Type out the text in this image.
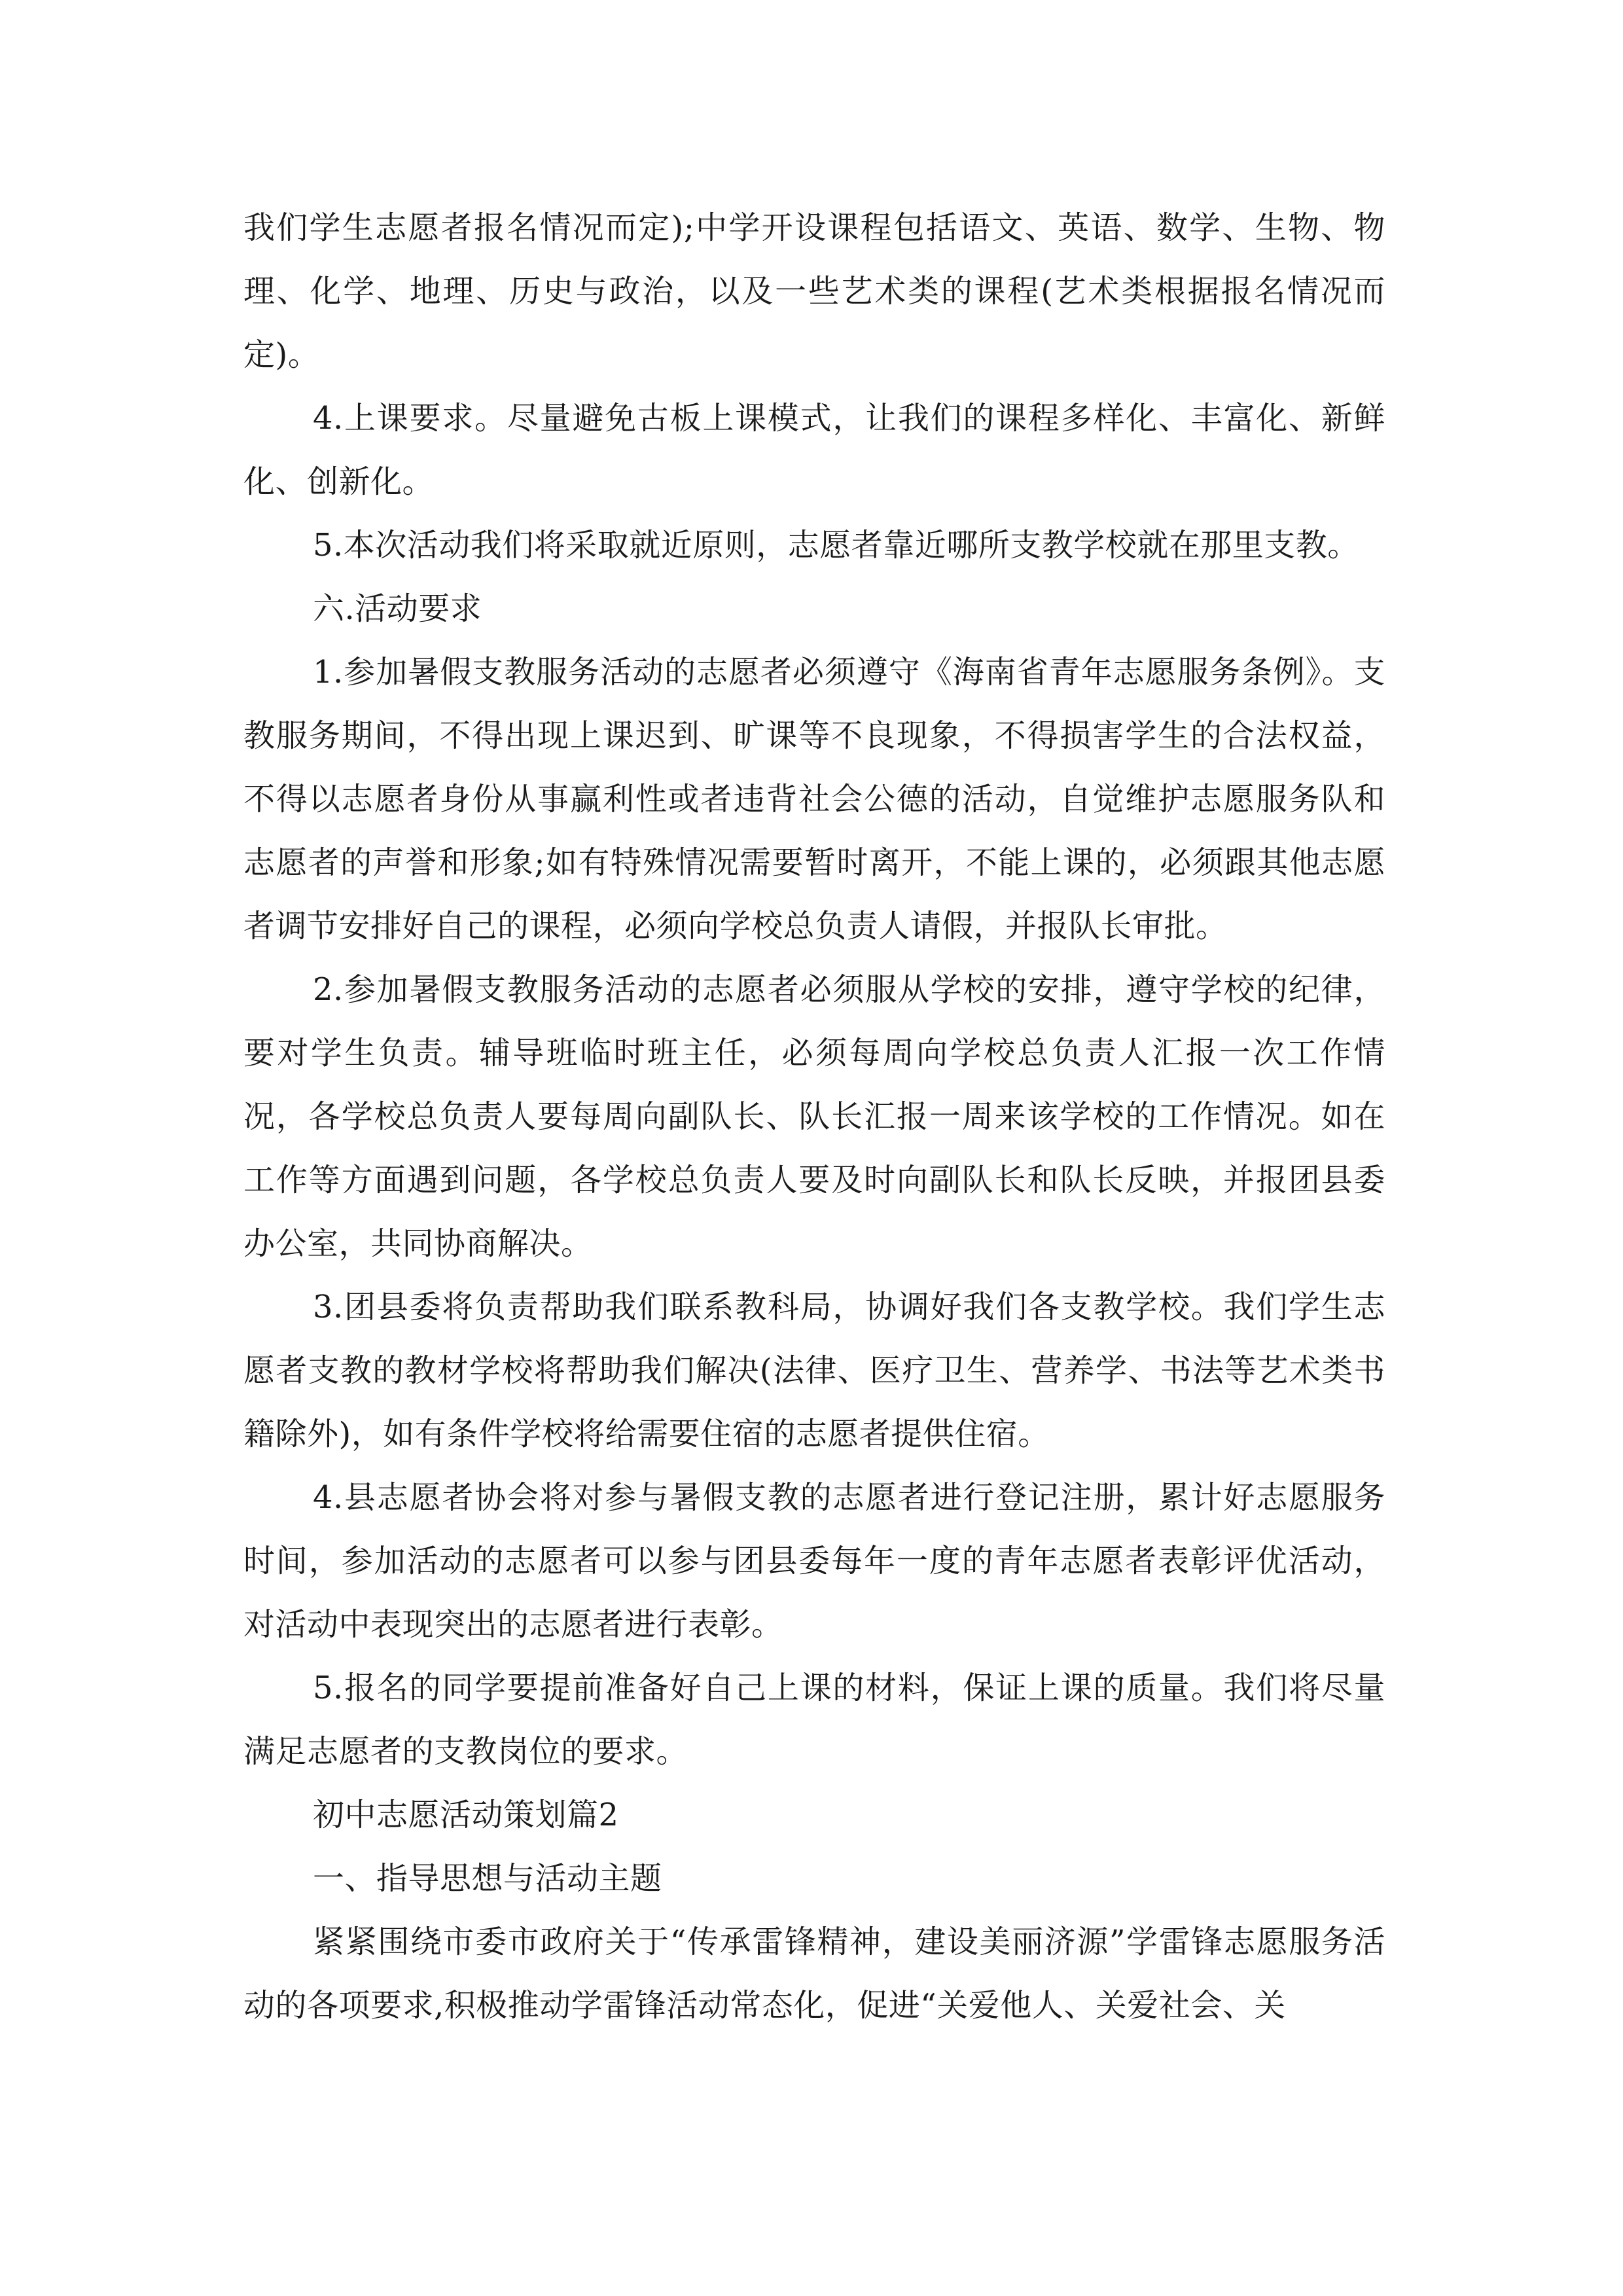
我们学生志愿者报名情况而定);中学开设课程包括语文、英语、数学、生物、物理、化学、地理、历史与政治，以及一些艺术类的课程(艺术类根据报名情况而定)。

4.上课要求。尽量避免古板上课模式，让我们的课程多样化、丰富化、新鲜化、创新化。

5.本次活动我们将采取就近原则，志愿者靠近哪所支教学校就在那里支教。

六.活动要求

1.参加暑假支教服务活动的志愿者必须遵守《海南省青年志愿服务条例》。支教服务期间，不得出现上课迟到、旷课等不良现象，不得损害学生的合法权益，不得以志愿者身份从事赢利性或者违背社会公德的活动，自觉维护志愿服务队和志愿者的声誉和形象;如有特殊情况需要暂时离开，不能上课的，必须跟其他志愿者调节安排好自己的课程，必须向学校总负责人请假，并报队长审批。

2.参加暑假支教服务活动的志愿者必须服从学校的安排，遵守学校的纪律，要对学生负责。辅导班临时班主任，必须每周向学校总负责人汇报一次工作情况，各学校总负责人要每周向副队长、队长汇报一周来该学校的工作情况。如在工作等方面遇到问题，各学校总负责人要及时向副队长和队长反映，并报团县委办公室，共同协商解决。

3.团县委将负责帮助我们联系教科局，协调好我们各支教学校。我们学生志愿者支教的教材学校将帮助我们解决(法律、医疗卫生、营养学、书法等艺术类书籍除外)，如有条件学校将给需要住宿的志愿者提供住宿。

4.县志愿者协会将对参与暑假支教的志愿者进行登记注册，累计好志愿服务时间，参加活动的志愿者可以参与团县委每年一度的青年志愿者表彰评优活动，对活动中表现突出的志愿者进行表彰。

5.报名的同学要提前准备好自己上课的材料，保证上课的质量。我们将尽量满足志愿者的支教岗位的要求。

初中志愿活动策划篇2

一、指导思想与活动主题

紧紧围绕市委市政府关于“传承雷锋精神，建设美丽济源”学雷锋志愿服务活动的各项要求,积极推动学雷锋活动常态化，促进“关爱他人、关爱社会、关
